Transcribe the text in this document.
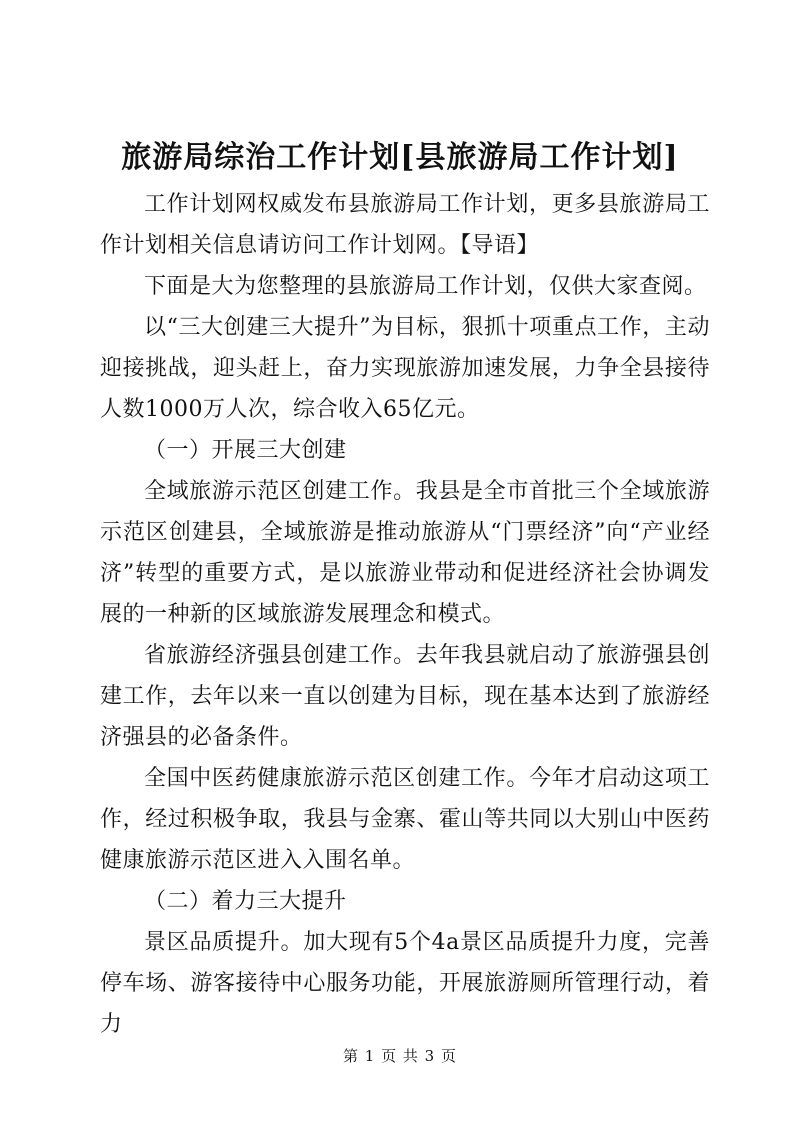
旅游局综治工作计划[县旅游局工作计划]

工作计划网权威发布县旅游局工作计划，更多县旅游局工作计划相关信息请访问工作计划网。【导语】

下面是大为您整理的县旅游局工作计划，仅供大家查阅。

以“三大创建三大提升”为目标，狠抓十项重点工作，主动迎接挑战，迎头赶上，奋力实现旅游加速发展，力争全县接待人数1000万人次，综合收入65亿元。

（一）开展三大创建

全域旅游示范区创建工作。我县是全市首批三个全域旅游示范区创建县，全域旅游是推动旅游从“门票经济”向“产业经济”转型的重要方式，是以旅游业带动和促进经济社会协调发展的一种新的区域旅游发展理念和模式。

省旅游经济强县创建工作。去年我县就启动了旅游强县创建工作，去年以来一直以创建为目标，现在基本达到了旅游经济强县的必备条件。

全国中医药健康旅游示范区创建工作。今年才启动这项工作，经过积极争取，我县与金寨、霍山等共同以大别山中医药健康旅游示范区进入入围名单。

（二）着力三大提升

景区品质提升。加大现有5个4a景区品质提升力度，完善停车场、游客接待中心服务功能，开展旅游厕所管理行动，着力

第 1 页 共 3 页
